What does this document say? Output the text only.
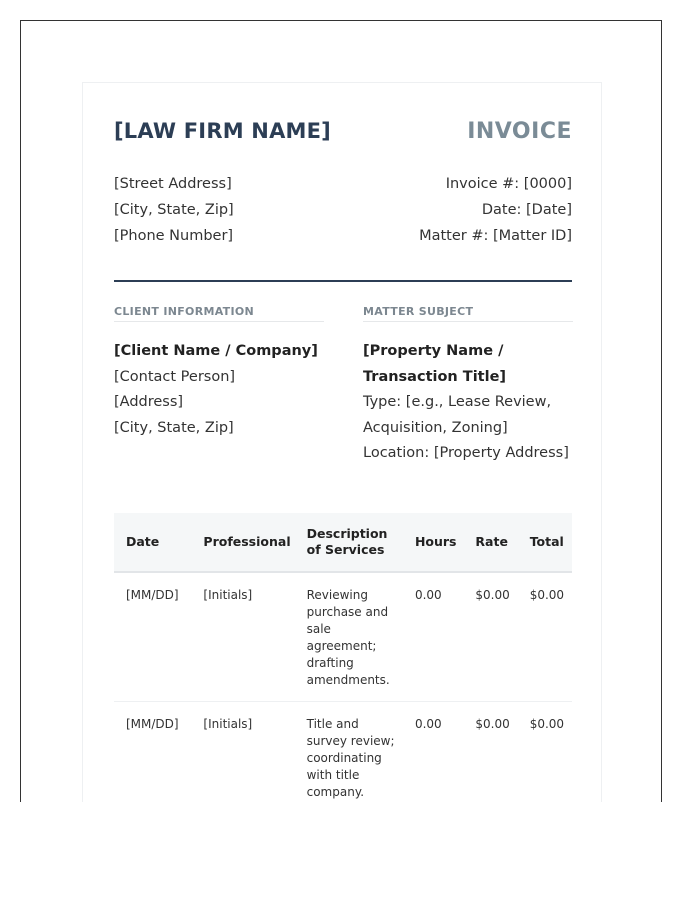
[LAW FIRM NAME]	INVOICE
[Street Address]
[City, State, Zip]
[Phone Number]
Invoice #: [0000]
Date: [Date]
Matter #: [Matter ID]
CLIENT INFORMATION	MATTER SUBJECT
[Client Name / Company]
[Contact Person]
[Address]
[City, State, Zip]
[Property Name / Transaction Title]
Type: [e.g., Lease Review, Acquisition, Zoning]
Location: [Property Address]
Date	Professional	Description of Services	Hours	Rate	Total
[MM/DD]	[Initials]	Reviewing purchase and sale agreement; drafting amendments.	0.00	$0.00	$0.00
[MM/DD]	[Initials]	Title and survey review; coordinating with title company.	0.00	$0.00	$0.00
